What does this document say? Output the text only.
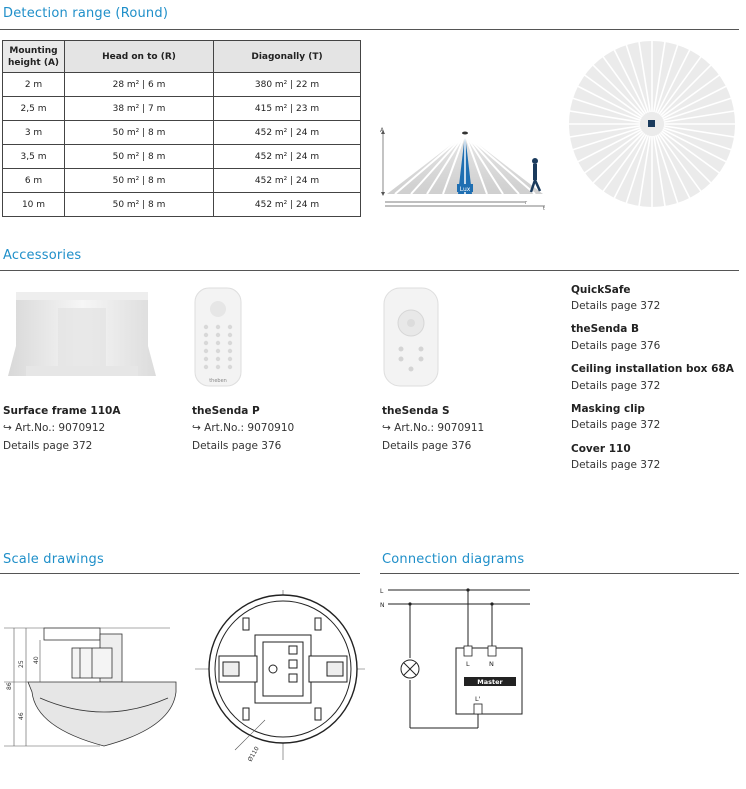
Detection range (Round)
Mounting height (A)	Head on to (R)	Diagonally (T)
2 m	28 m² | 6 m	380 m² | 22 m
2,5 m	38 m² | 7 m	415 m² | 23 m
3 m	50 m² | 8 m	452 m² | 24 m
3,5 m	50 m² | 8 m	452 m² | 24 m
6 m	50 m² | 8 m	452 m² | 24 m
10 m	50 m² | 8 m	452 m² | 24 m
Lux
A
r
t
Accessories
theben
Surface frame 110A
↪ Art.No.: 9070912
Details page 372
theSenda P
↪ Art.No.: 9070910
Details page 376
theSenda S
↪ Art.No.: 9070911
Details page 376
QuickSafe
Details page 372
theSenda B
Details page 376
Ceiling installation box 68A
Details page 372
Masking clip
Details page 372
Cover 110
Details page 372
Scale drawings
86
25
40
46
Ø110
Connection diagrams
Master
L
N
L	N
L'
